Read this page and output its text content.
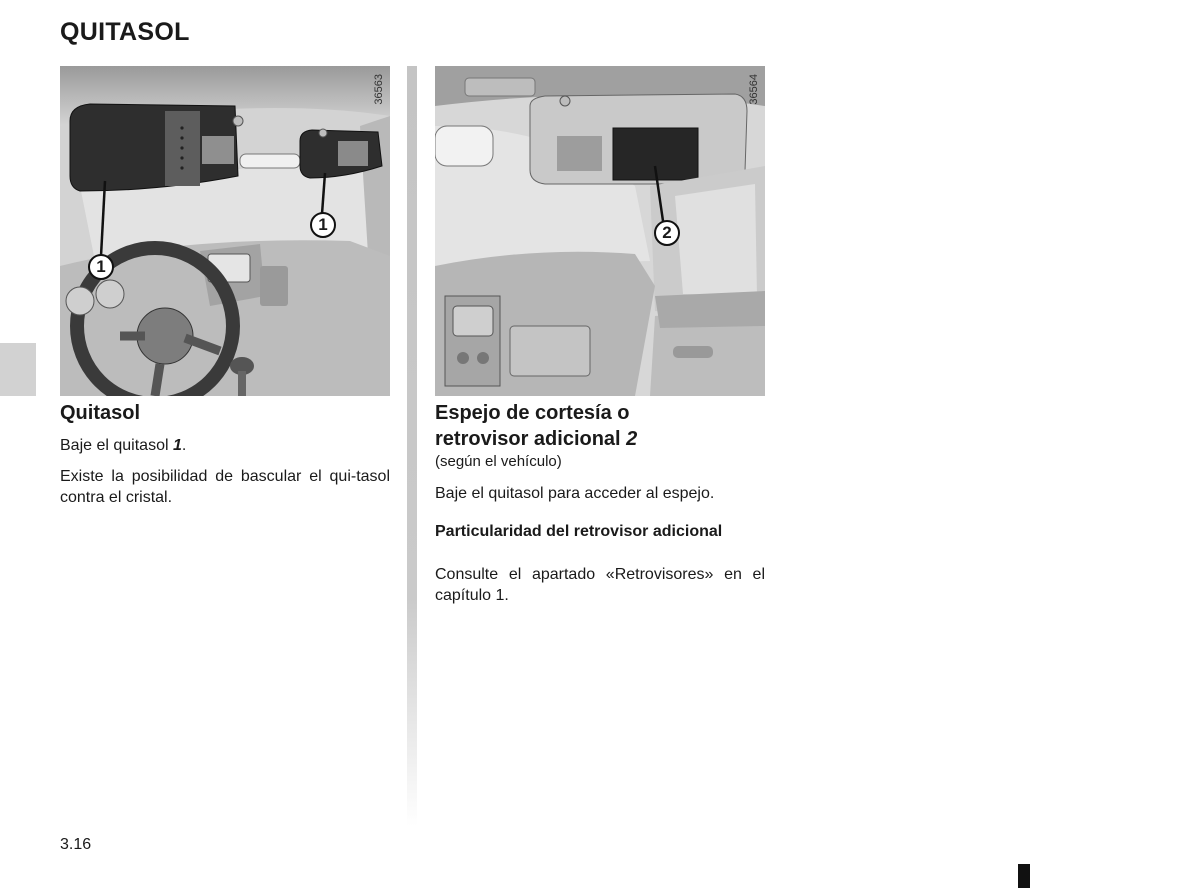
QUITASOL
36563
1
1
36564
2
Quitasol
Baje el quitasol 1.
Existe la posibilidad de bascular el qui-tasol contra el cristal.
Espejo de cortesía o
retrovisor adicional 2
(según el vehículo)
Baje el quitasol para acceder al espejo.
Particularidad del retrovisor adicional
Consulte el apartado «Retrovisores» en el capítulo 1.
3.16
